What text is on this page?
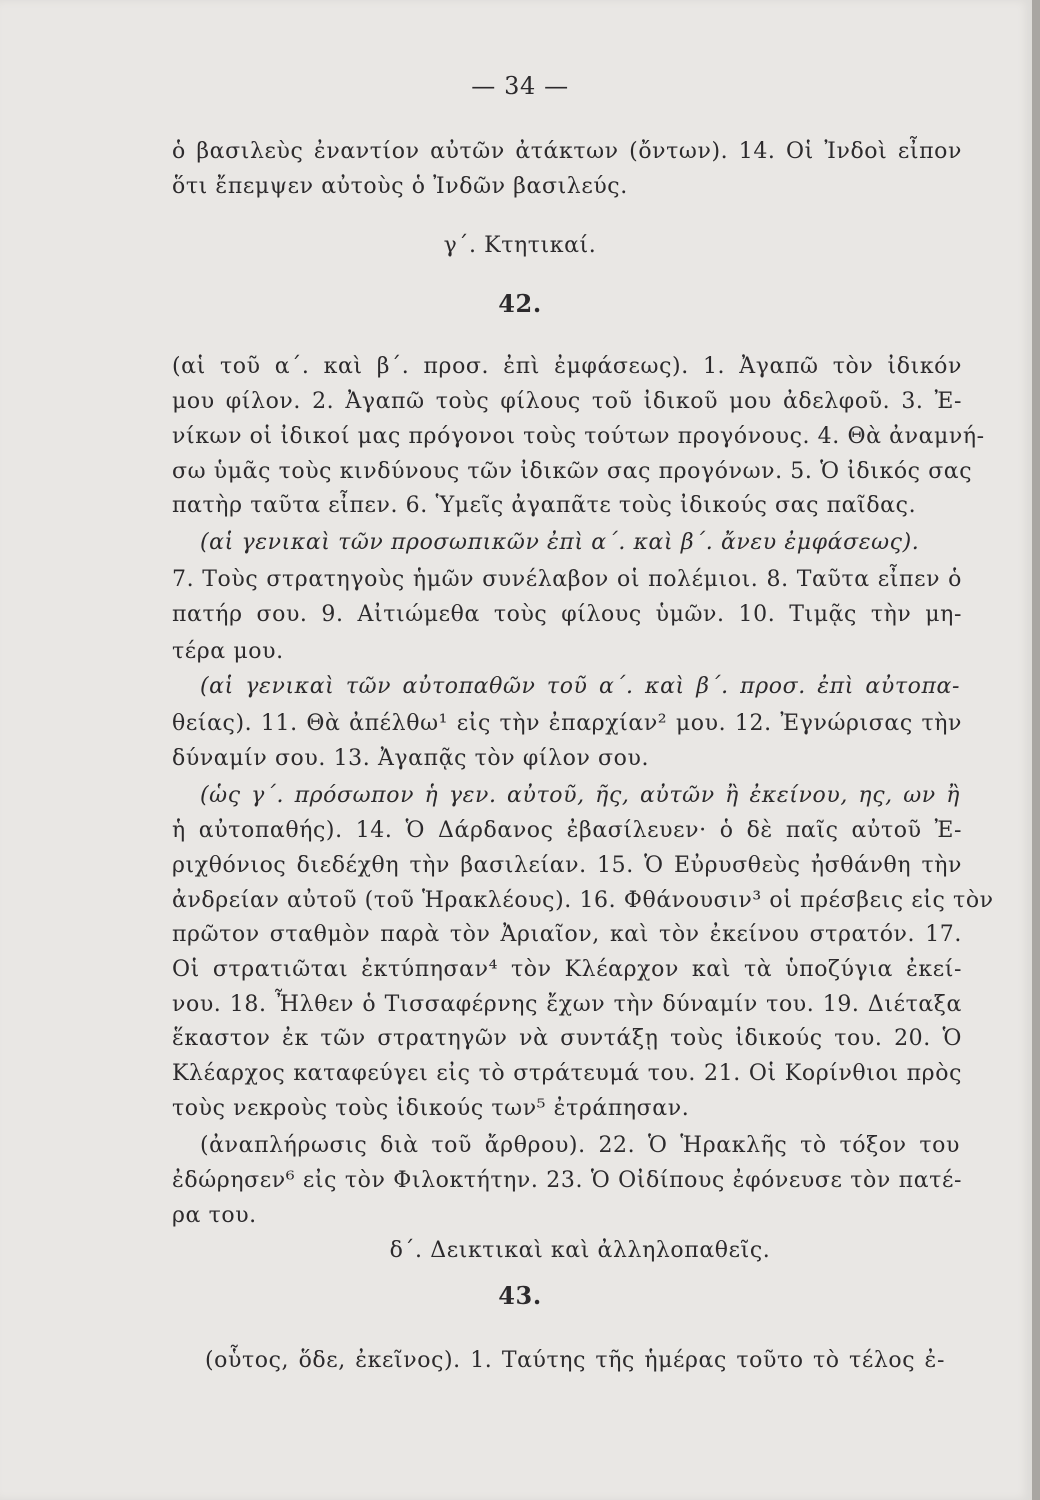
— 34 —
ὁ βασιλεὺς ἐναντίον αὐτῶν ἀτάκτων (ὄντων). 14. Οἱ Ἰνδοὶ εἶπον
ὅτι ἔπεμψεν αὐτοὺς ὁ Ἰνδῶν βασιλεύς.
γ΄. Κτητικαί.
42.
(αἱ τοῦ α΄. καὶ β΄. προσ. ἐπὶ ἐμφάσεως). 1. Ἀγαπῶ τὸν ἰδικόν
μου φίλον. 2. Ἀγαπῶ τοὺς φίλους τοῦ ἰδικοῦ μου ἀδελφοῦ. 3. Ἐ-
νίκων οἱ ἰδικοί μας πρόγονοι τοὺς τούτων προγόνους. 4. Θὰ ἀναμνή-
σω ὑμᾶς τοὺς κινδύνους τῶν ἰδικῶν σας προγόνων. 5. Ὁ ἰδικός σας
πατὴρ ταῦτα εἶπεν. 6. Ὑμεῖς ἀγαπᾶτε τοὺς ἰδικούς σας παῖδας.
(αἱ γενικαὶ τῶν προσωπικῶν ἐπὶ α΄. καὶ β΄. ἄνευ ἐμφάσεως).
7. Τοὺς στρατηγοὺς ἡμῶν συνέλαβον οἱ πολέμιοι. 8. Ταῦτα εἶπεν ὁ
πατήρ σου. 9. Αἰτιώμεθα τοὺς φίλους ὑμῶν. 10. Τιμᾷς τὴν μη-
τέρα μου.
(αἱ γενικαὶ τῶν αὐτοπαθῶν τοῦ α΄. καὶ β΄. προσ. ἐπὶ αὐτοπα-
θείας). 11. Θὰ ἀπέλθω¹ εἰς τὴν ἐπαρχίαν² μου. 12. Ἐγνώρισας τὴν
δύναμίν σου. 13. Ἀγαπᾷς τὸν φίλον σου.
(ὡς γ΄. πρόσωπον ἡ γεν. αὐτοῦ, ῆς, αὐτῶν ἢ ἐκείνου, ης, ων ἢ
ἡ αὐτοπαθής). 14. Ὁ Δάρδανος ἐβασίλευεν· ὁ δὲ παῖς αὐτοῦ Ἐ-
ριχθόνιος διεδέχθη τὴν βασιλείαν. 15. Ὁ Εὐρυσθεὺς ἠσθάνθη τὴν
ἀνδρείαν αὐτοῦ (τοῦ Ἡρακλέους). 16. Φθάνουσιν³ οἱ πρέσβεις εἰς τὸν
πρῶτον σταθμὸν παρὰ τὸν Ἀριαῖον, καὶ τὸν ἐκείνου στρατόν. 17.
Οἱ στρατιῶται ἐκτύπησαν⁴ τὸν Κλέαρχον καὶ τὰ ὑποζύγια ἐκεί-
νου. 18. Ἦλθεν ὁ Τισσαφέρνης ἔχων τὴν δύναμίν του. 19. Διέταξα
ἕκαστον ἐκ τῶν στρατηγῶν νὰ συντάξῃ τοὺς ἰδικούς του. 20. Ὁ
Κλέαρχος καταφεύγει εἰς τὸ στράτευμά του. 21. Οἱ Κορίνθιοι πρὸς
τοὺς νεκροὺς τοὺς ἰδικούς των⁵ ἐτράπησαν.
(ἀναπλήρωσις διὰ τοῦ ἄρθρου). 22. Ὁ Ἡρακλῆς τὸ τόξον του
ἐδώρησεν⁶ εἰς τὸν Φιλοκτήτην. 23. Ὁ Οἰδίπους ἐφόνευσε τὸν πατέ-
ρα του.
δ΄. Δεικτικαὶ καὶ ἀλληλοπαθεῖς.
43.
(οὗτος, ὅδε, ἐκεῖνος). 1. Ταύτης τῆς ἡμέρας τοῦτο τὸ τέλος ἐ-
